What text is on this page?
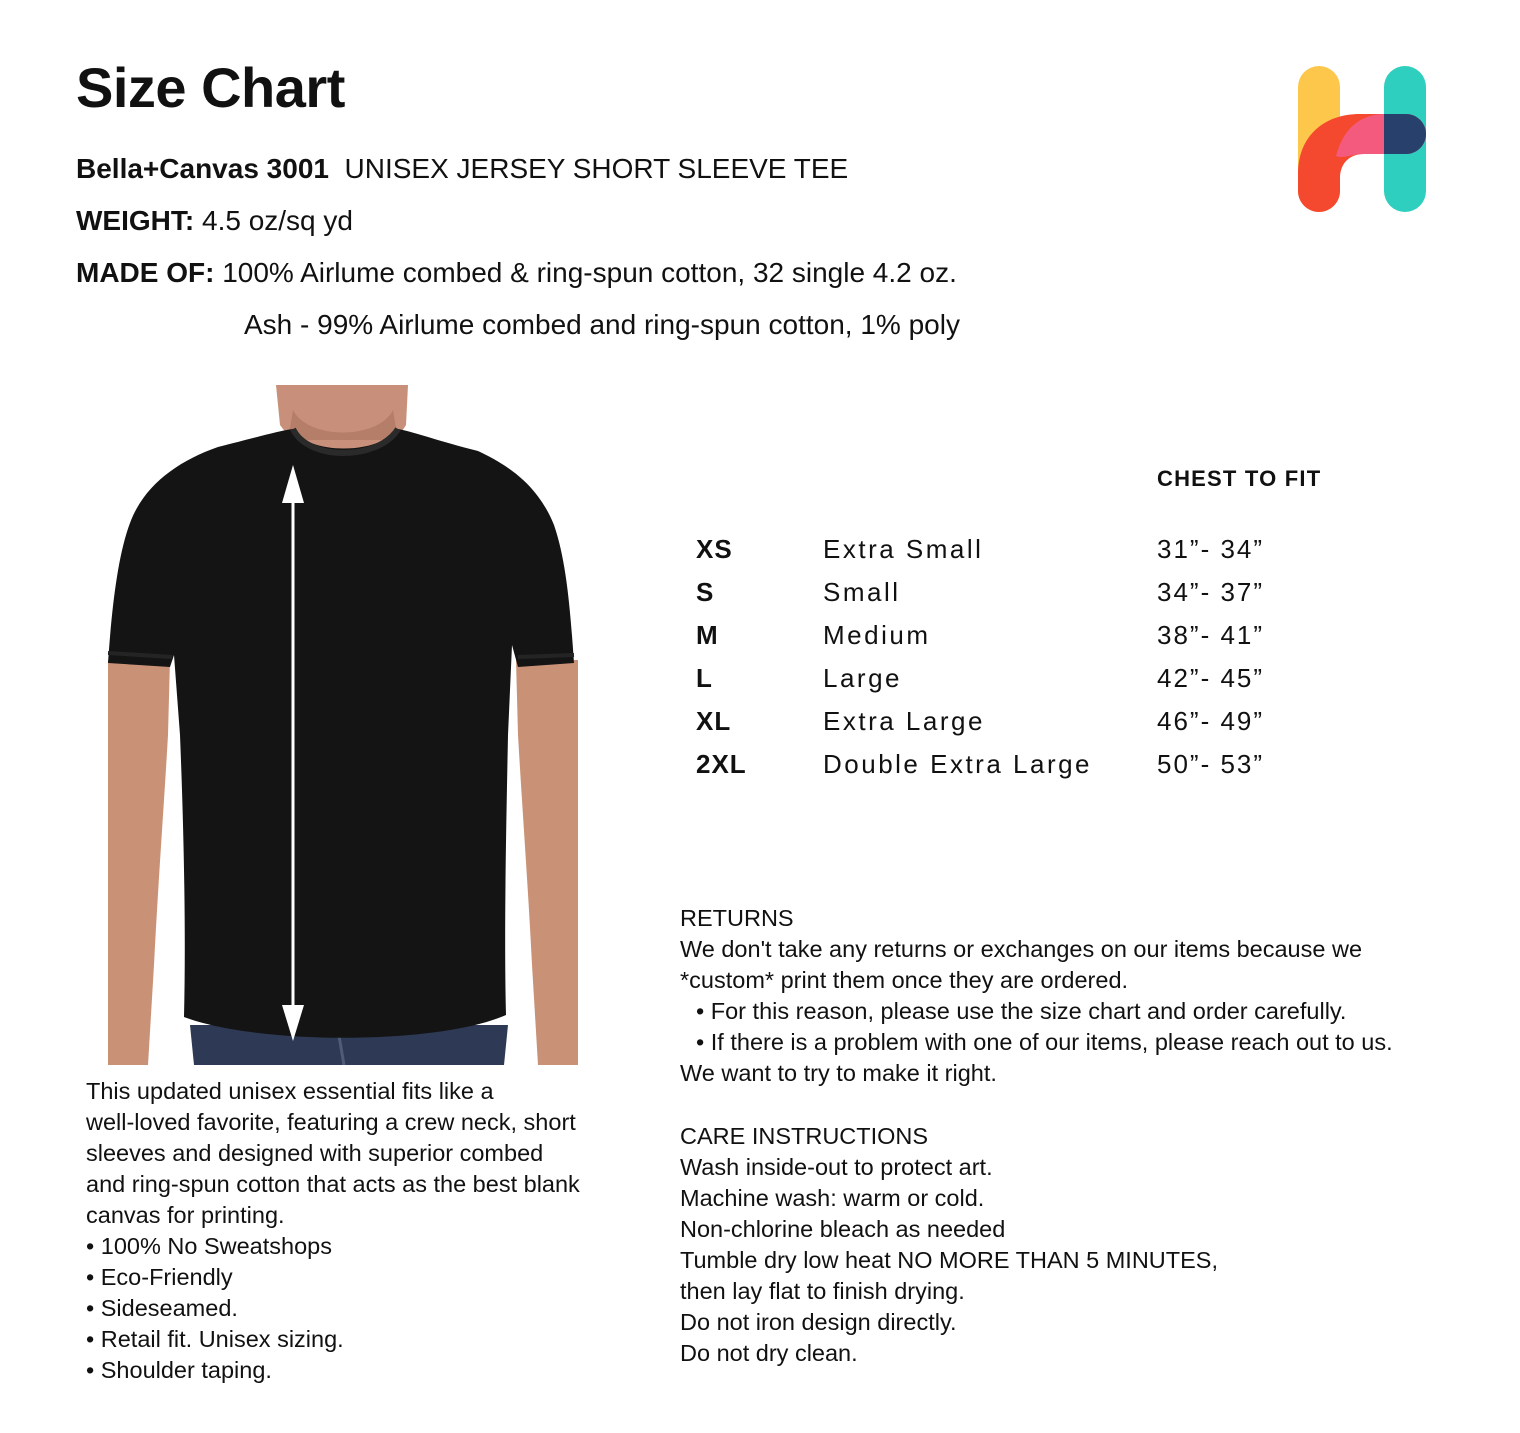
Size Chart
Bella+Canvas 3001 UNISEX JERSEY SHORT SLEEVE TEE
WEIGHT: 4.5 oz/sq yd
MADE OF: 100% Airlume combed & ring-spun cotton, 32 single 4.2 oz.
Ash - 99% Airlume combed and ring-spun cotton, 1% poly
CHEST TO FIT
XS	Extra Small	31”- 34”
S	Small	34”- 37”
M	Medium	38”- 41”
L	Large	42”- 45”
XL	Extra Large	46”- 49”
2XL	Double Extra Large 50”- 53”
This updated unisex essential fits like a
well-loved favorite, featuring a crew neck, short
sleeves and designed with superior combed
and ring-spun cotton that acts as the best blank
canvas for printing.
• 100% No Sweatshops
• Eco-Friendly
• Sideseamed.
• Retail fit. Unisex sizing.
• Shoulder taping.
RETURNS
We don't take any returns or exchanges on our items because we
*custom* print them once they are ordered.
• For this reason, please use the size chart and order carefully.
• If there is a problem with one of our items, please reach out to us.
We want to try to make it right.
CARE INSTRUCTIONS
Wash inside-out to protect art.
Machine wash: warm or cold.
Non-chlorine bleach as needed
Tumble dry low heat NO MORE THAN 5 MINUTES,
then lay flat to finish drying.
Do not iron design directly.
Do not dry clean.
